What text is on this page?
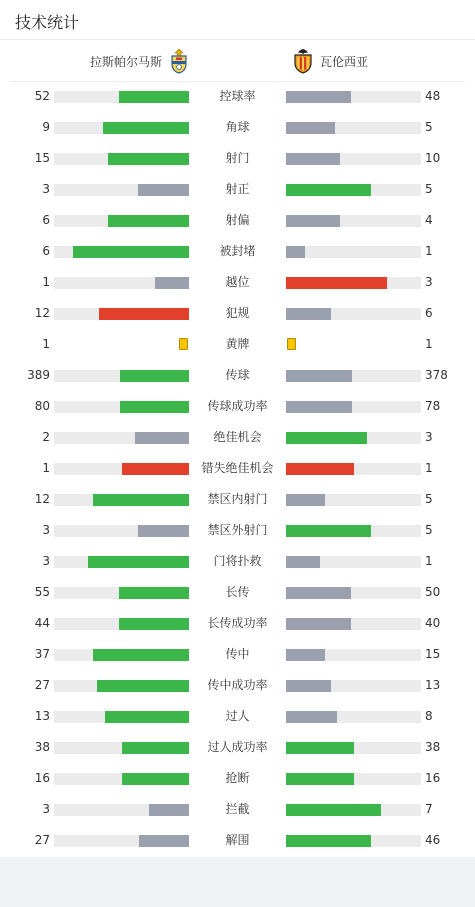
技术统计
拉斯帕尔马斯	瓦伦西亚
52	控球率	48
9	角球	5
15	射门	10
3	射正	5
6	射偏	4
6	被封堵	1
1	越位	3
12	犯规	6
1	黄牌	1
389	传球	378
80	传球成功率	78
2	绝佳机会	3
1	错失绝佳机会	1
12	禁区内射门	5
3	禁区外射门	5
3	门将扑救	1
55	长传	50
44	长传成功率	40
37	传中	15
27	传中成功率	13
13	过人	8
38	过人成功率	38
16	抢断	16
3	拦截	7
27	解围	46
